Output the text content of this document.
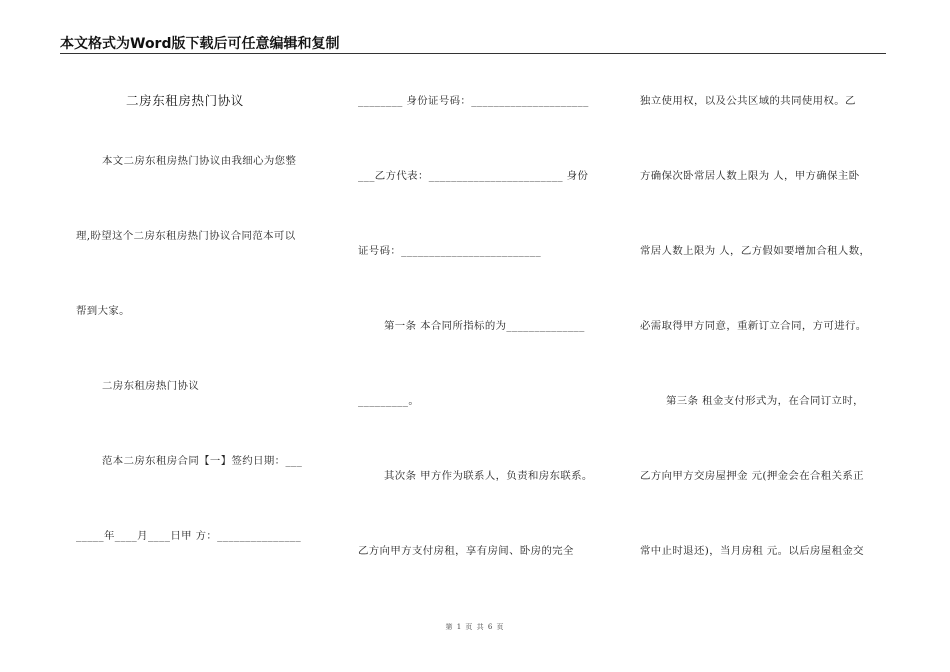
本文格式为Word版下载后可任意编辑和复制
二房东租房热门协议
本文二房东租房热门协议由我细心为您整
理,盼望这个二房东租房热门协议合同范本可以
帮到大家。
二房东租房热门协议
范本二房东租房合同【一】签约日期：___
_____年____月____日甲 方：_______________
________ 身份证号码：_____________________
___乙方代表：________________________ 身份
证号码：_________________________
第一条 本合同所指标的为______________
_________。
其次条 甲方作为联系人，负责和房东联系。
乙方向甲方支付房租，享有房间、卧房的完全
独立使用权，以及公共区域的共同使用权。乙
方确保次卧常居人数上限为 人，甲方确保主卧
常居人数上限为 人，乙方假如要增加合租人数，
必需取得甲方同意，重新订立合同，方可进行。
第三条 租金支付形式为，在合同订立时，
乙方向甲方交房屋押金 元(押金会在合租关系正
常中止时退还)，当月房租 元。以后房屋租金交
第 1 页 共 6 页
